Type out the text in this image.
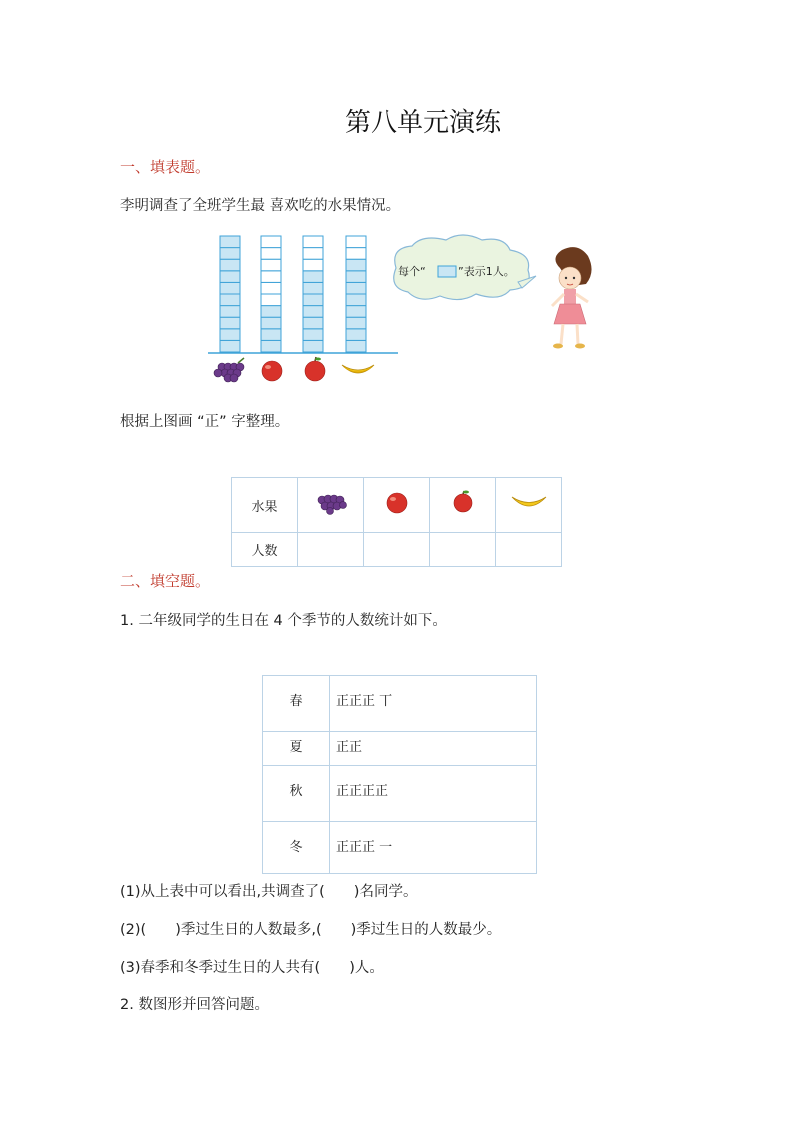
第八单元演练
一、填表题。
李明调查了全班学生最 喜欢吃的水果情况。
每个“	”表示1人。
根据上图画 “正” 字整理。
水果				
人数				
二、填空题。
1. 二年级同学的生日在 4 个季节的人数统计如下。
春	正正正 丅
夏	正正
秋	正正正正
冬	正正正 一
(1)从上表中可以看出,共调查了(　　)名同学。
(2)(　　)季过生日的人数最多,(　　)季过生日的人数最少。
(3)春季和冬季过生日的人共有(　　)人。
2. 数图形并回答问题。
